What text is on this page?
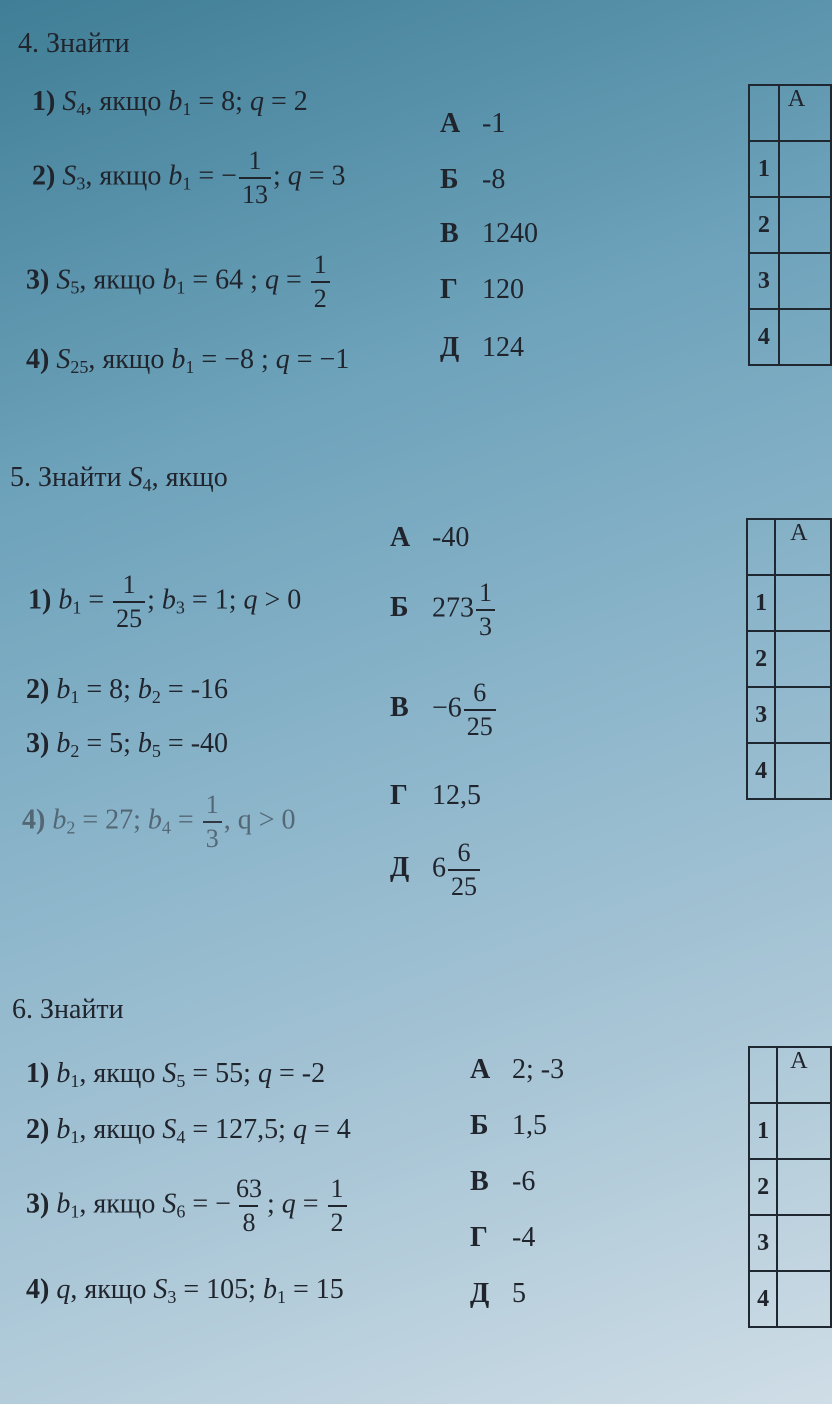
4. Знайти
1) $S_4$, якщо $b_1 = 8$; q = 2
2) $S_3$, якщо $b_1$ = − $\frac{1}{13}$ ; q = 3
3) $S_5$, якщо $b_1 = 64$ ; $q = \frac{1}{2}$
4) $S_{25}$, якщо $b_1 = -8$ ; q = −1
А -1
Б -8
В 1240
Г 120
Д 124
	А
1	
2	
3	
4	
5. Знайти $S_4$, якщо
1) $b_1 = \frac{1}{25}$ ; $b_3 = 1$; q > 0
2) $b_1 = 8$; $b_2 = -16$
3) $b_2 = 5$; $b_5 = -40$
4) $b_2 = 27$; $b_4 = \frac{1}{3}$ , q > 0
А -40
Б $273 \frac{1}{3}$
$В -6 \frac{6}{25}$
Г 12,5
Д $6 \frac{6}{25}$
	А
1	
2	
3	
4	
6. Знайти
1) $b_1$, якщо $S_5 = 55$; q = -2
2) $b_1$, якщо $S_4 = 127,5$; q = 4
3) $b_1$, якщо $S_6$ = − $\frac{63}{8}$ ; $q = \frac{1}{2}$
4) q, якщо $S_3 = 105$; $b_1 = 15$
А 2; -3
Б 1,5
В -6
Г -4
Д 5
	А
1	
2	
3	
4	
